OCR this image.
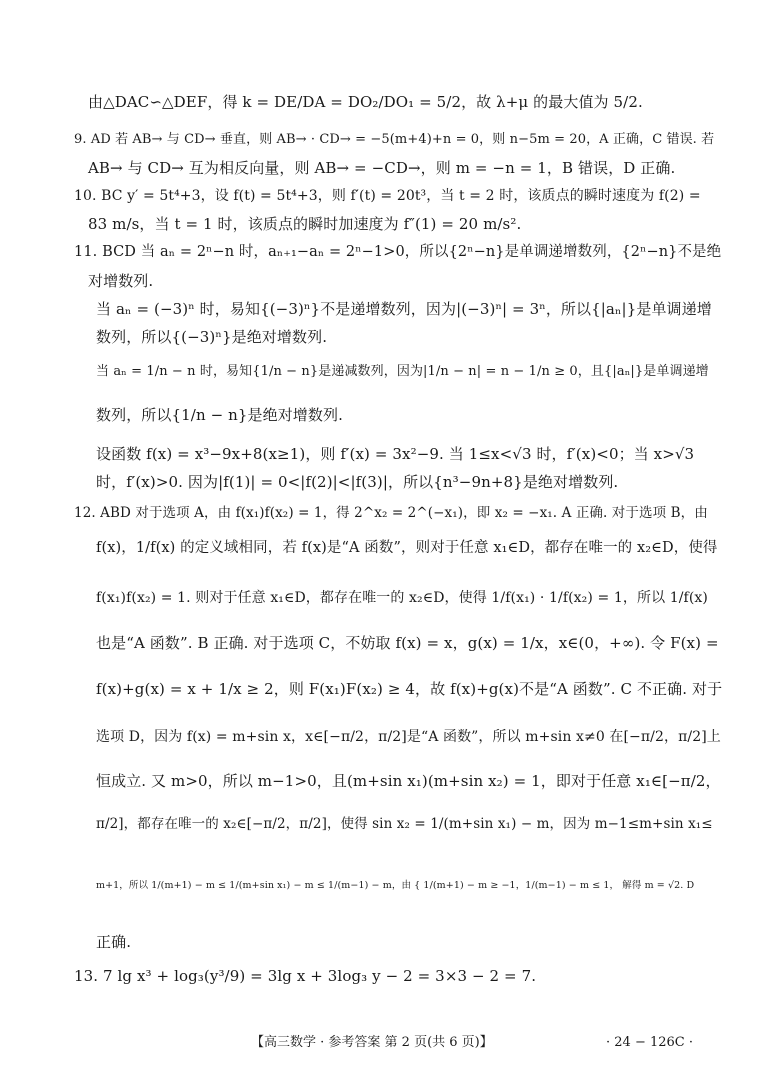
由△DAC∽△DEF，得 k = DE/DA = DO₂/DO₁ = 5/2，故 λ+μ 的最大值为 5/2.
9. AD 若 AB→ 与 CD→ 垂直，则 AB→ · CD→ = −5(m+4)+n = 0，则 n−5m = 20，A 正确，C 错误. 若
AB→ 与 CD→ 互为相反向量，则 AB→ = −CD→，则 m = −n = 1，B 错误，D 正确.
10. BC y′ = 5t⁴+3，设 f(t) = 5t⁴+3，则 f′(t) = 20t³，当 t = 2 时，该质点的瞬时速度为 f(2) =
83 m/s，当 t = 1 时，该质点的瞬时加速度为 f″(1) = 20 m/s².
11. BCD 当 aₙ = 2ⁿ−n 时，aₙ₊₁−aₙ = 2ⁿ−1>0，所以{2ⁿ−n}是单调递增数列，{2ⁿ−n}不是绝
对增数列.
当 aₙ = (−3)ⁿ 时，易知{(−3)ⁿ}不是递增数列，因为|(−3)ⁿ| = 3ⁿ，所以{|aₙ|}是单调递增
数列，所以{(−3)ⁿ}是绝对增数列.
当 aₙ = 1/n − n 时，易知{1/n − n}是递减数列，因为|1/n − n| = n − 1/n ≥ 0，且{|aₙ|}是单调递增
数列，所以{1/n − n}是绝对增数列.
设函数 f(x) = x³−9x+8(x≥1)，则 f′(x) = 3x²−9. 当 1≤x<√3 时，f′(x)<0；当 x>√3
时，f′(x)>0. 因为|f(1)| = 0<|f(2)|<|f(3)|，所以{n³−9n+8}是绝对增数列.
12. ABD 对于选项 A，由 f(x₁)f(x₂) = 1，得 2^x₂ = 2^(−x₁)，即 x₂ = −x₁. A 正确. 对于选项 B，由
f(x)，1/f(x) 的定义域相同，若 f(x)是“A 函数”，则对于任意 x₁∈D，都存在唯一的 x₂∈D，使得
f(x₁)f(x₂) = 1. 则对于任意 x₁∈D，都存在唯一的 x₂∈D，使得 1/f(x₁) · 1/f(x₂) = 1，所以 1/f(x)
也是“A 函数”. B 正确. 对于选项 C，不妨取 f(x) = x，g(x) = 1/x，x∈(0，+∞). 令 F(x) =
f(x)+g(x) = x + 1/x ≥ 2，则 F(x₁)F(x₂) ≥ 4，故 f(x)+g(x)不是“A 函数”. C 不正确. 对于
选项 D，因为 f(x) = m+sin x，x∈[−π/2，π/2]是“A 函数”，所以 m+sin x≠0 在[−π/2，π/2]上
恒成立. 又 m>0，所以 m−1>0，且(m+sin x₁)(m+sin x₂) = 1，即对于任意 x₁∈[−π/2，
π/2]，都存在唯一的 x₂∈[−π/2，π/2]，使得 sin x₂ = 1/(m+sin x₁) − m，因为 m−1≤m+sin x₁≤
m+1，所以 1/(m+1) − m ≤ 1/(m+sin x₁) − m ≤ 1/(m−1) − m，由 { 1/(m+1) − m ≥ −1，1/(m−1) − m ≤ 1， 解得 m = √2. D
正确.
13. 7 lg x³ + log₃(y³/9) = 3lg x + 3log₃ y − 2 = 3×3 − 2 = 7.
【高三数学 · 参考答案 第 2 页(共 6 页)】	· 24 − 126C ·
